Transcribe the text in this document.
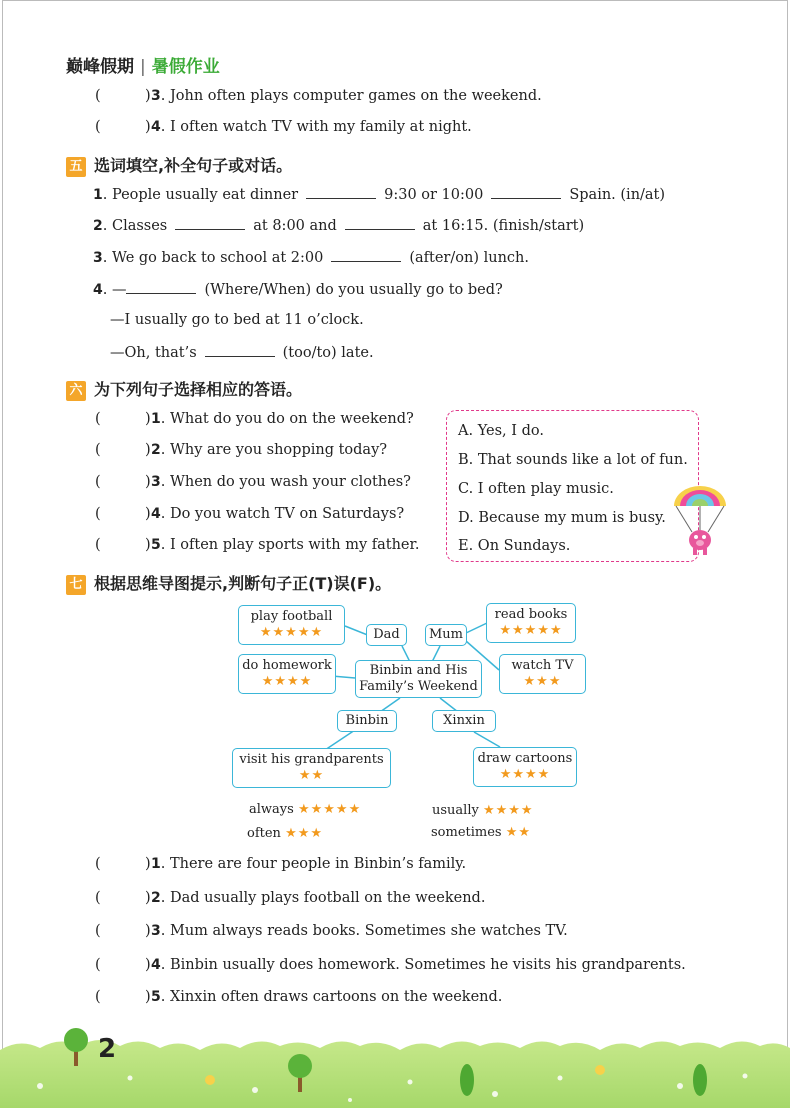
巅峰假期 | 暑假作业
(	)3. John often plays computer games on the weekend.
(	)4. I often watch TV with my family at night.
五 选词填空,补全句子或对话。
1. People usually eat dinner	9:30 or 10:00	Spain. (in/at)
2. Classes	at 8:00 and	at 16:15. (finish/start)
3. We go back to school at 2:00	(after/on) lunch.
4. —	(Where/When) do you usually go to bed?
—I usually go to bed at 11 o’clock.
—Oh, that’s	(too/to) late.
六 为下列句子选择相应的答语。
(	)1. What do you do on the weekend?
(	)2. Why are you shopping today?
(	)3. When do you wash your clothes?
(	)4. Do you watch TV on Saturdays?
(	)5. I often play sports with my father.
A. Yes, I do.
B. That sounds like a lot of fun.
C. I often play music.
D. Because my mum is busy.
E. On Sundays.
七 根据思维导图提示,判断句子正(T)误(F)。
play football
★★★★★	Dad	Mum
read books
★★★★★
do homework
★★★★
Binbin and His Family’s Weekend
watch TV
★★★
Binbin	Xinxin
visit his grandparents
★★
draw cartoons
★★★★
always ★★★★★
often ★★★
usually ★★★★
sometimes ★★
(	)1. There are four people in Binbin’s family.
(	)2. Dad usually plays football on the weekend.
(	)3. Mum always reads books. Sometimes she watches TV.
(	)4. Binbin usually does homework. Sometimes he visits his grandparents.
(	)5. Xinxin often draws cartoons on the weekend.
2
